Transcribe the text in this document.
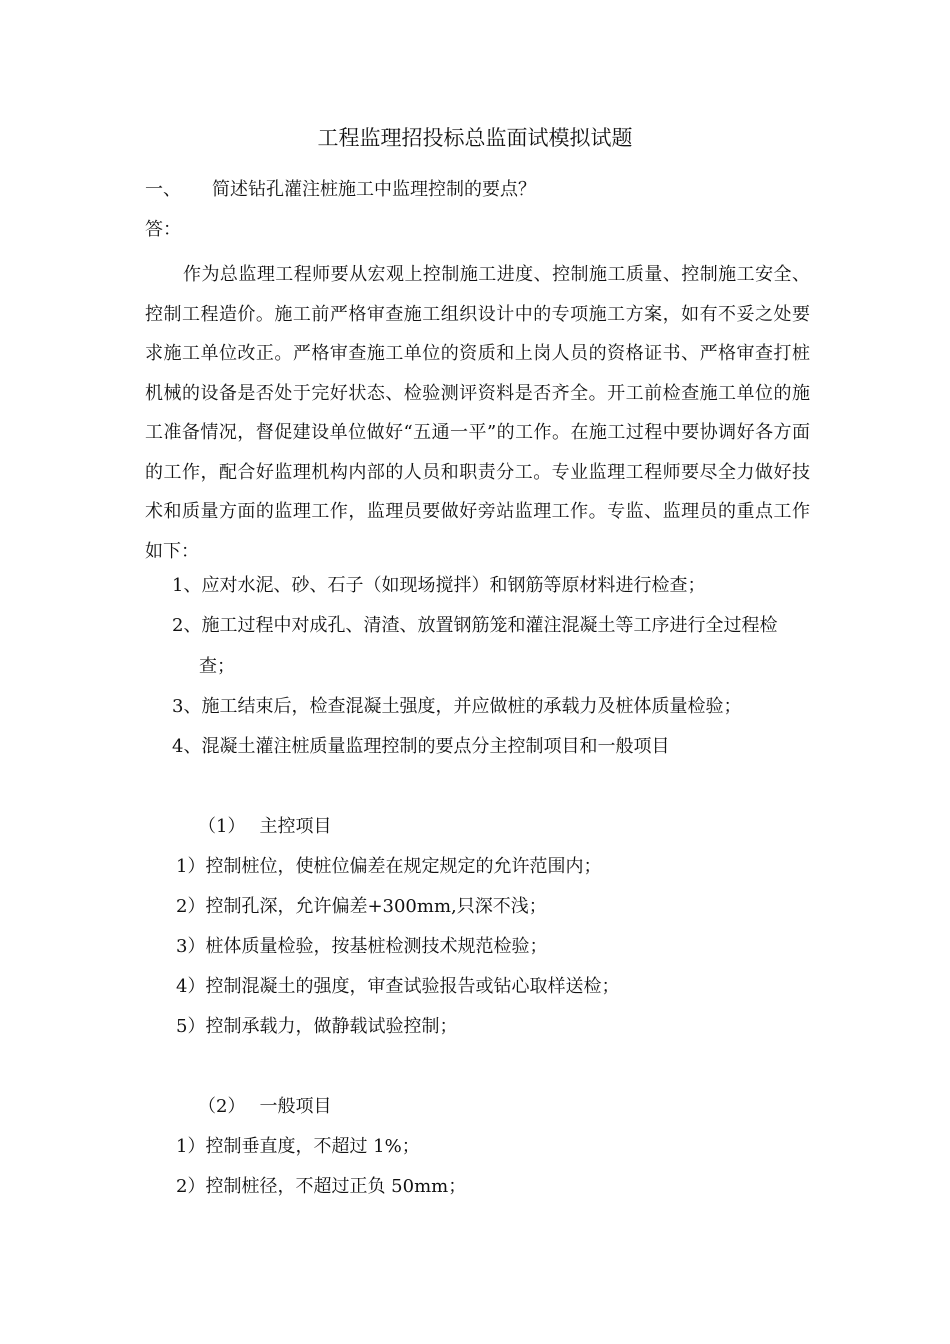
工程监理招投标总监面试模拟试题
一、 简述钻孔灌注桩施工中监理控制的要点？
答：
作为总监理工程师要从宏观上控制施工进度、控制施工质量、控制施工安全、控制工程造价。施工前严格审查施工组织设计中的专项施工方案，如有不妥之处要求施工单位改正。严格审查施工单位的资质和上岗人员的资格证书、严格审查打桩机械的设备是否处于完好状态、检验测评资料是否齐全。开工前检查施工单位的施工准备情况，督促建设单位做好“五通一平”的工作。在施工过程中要协调好各方面的工作，配合好监理机构内部的人员和职责分工。专业监理工程师要尽全力做好技术和质量方面的监理工作，监理员要做好旁站监理工作。专监、监理员的重点工作如下：
1、应对水泥、砂、石子（如现场搅拌）和钢筋等原材料进行检查；
2、施工过程中对成孔、清渣、放置钢筋笼和灌注混凝土等工序进行全过程检
查；
3、施工结束后，检查混凝土强度，并应做桩的承载力及桩体质量检验；
4、混凝土灌注桩质量监理控制的要点分主控制项目和一般项目
（1） 主控项目
1）控制桩位，使桩位偏差在规定规定的允许范围内；
2）控制孔深，允许偏差+300mm,只深不浅；
3）桩体质量检验，按基桩检测技术规范检验；
4）控制混凝土的强度，审查试验报告或钻心取样送检；
5）控制承载力，做静载试验控制；
（2） 一般项目
1）控制垂直度，不超过 1%；
2）控制桩径，不超过正负 50mm；
